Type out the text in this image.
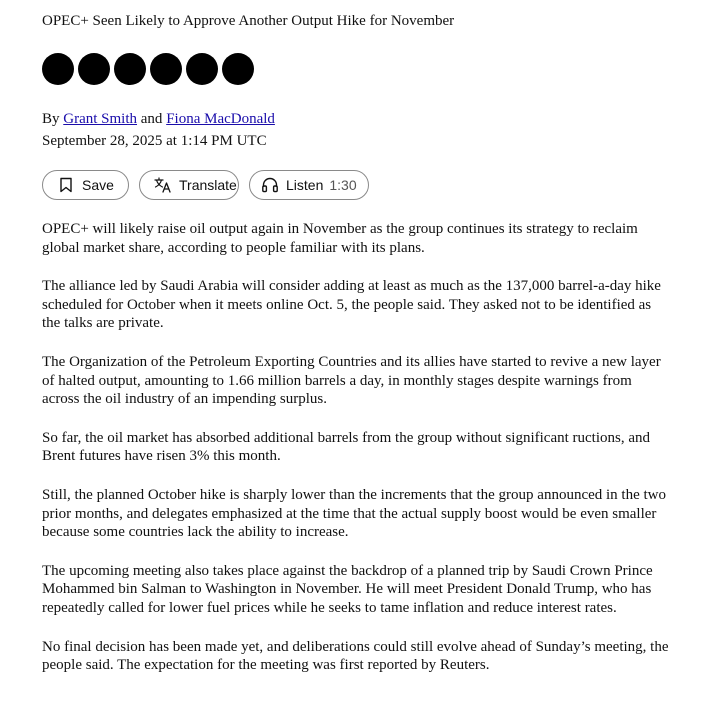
OPEC+ Seen Likely to Approve Another Output Hike for November
By Grant Smith and Fiona MacDonald
September 28, 2025 at 1:14 PM UTC
Save	Translate	Listen 1:30

OPEC+ will likely raise oil output again in November as the group continues its strategy to reclaim global market share, according to people familiar with its plans.

The alliance led by Saudi Arabia will consider adding at least as much as the 137,000 barrel-a-day hike scheduled for October when it meets online Oct. 5, the people said. They asked not to be identified as the talks are private.

The Organization of the Petroleum Exporting Countries and its allies have started to revive a new layer of halted output, amounting to 1.66 million barrels a day, in monthly stages despite warnings from across the oil industry of an impending surplus.

So far, the oil market has absorbed additional barrels from the group without significant ructions, and Brent futures have risen 3% this month.

Still, the planned October hike is sharply lower than the increments that the group announced in the two prior months, and delegates emphasized at the time that the actual supply boost would be even smaller because some countries lack the ability to increase.

The upcoming meeting also takes place against the backdrop of a planned trip by Saudi Crown Prince Mohammed bin Salman to Washington in November. He will meet President Donald Trump, who has repeatedly called for lower fuel prices while he seeks to tame inflation and reduce interest rates.

No final decision has been made yet, and deliberations could still evolve ahead of Sunday’s meeting, the people said. The expectation for the meeting was first reported by Reuters.
